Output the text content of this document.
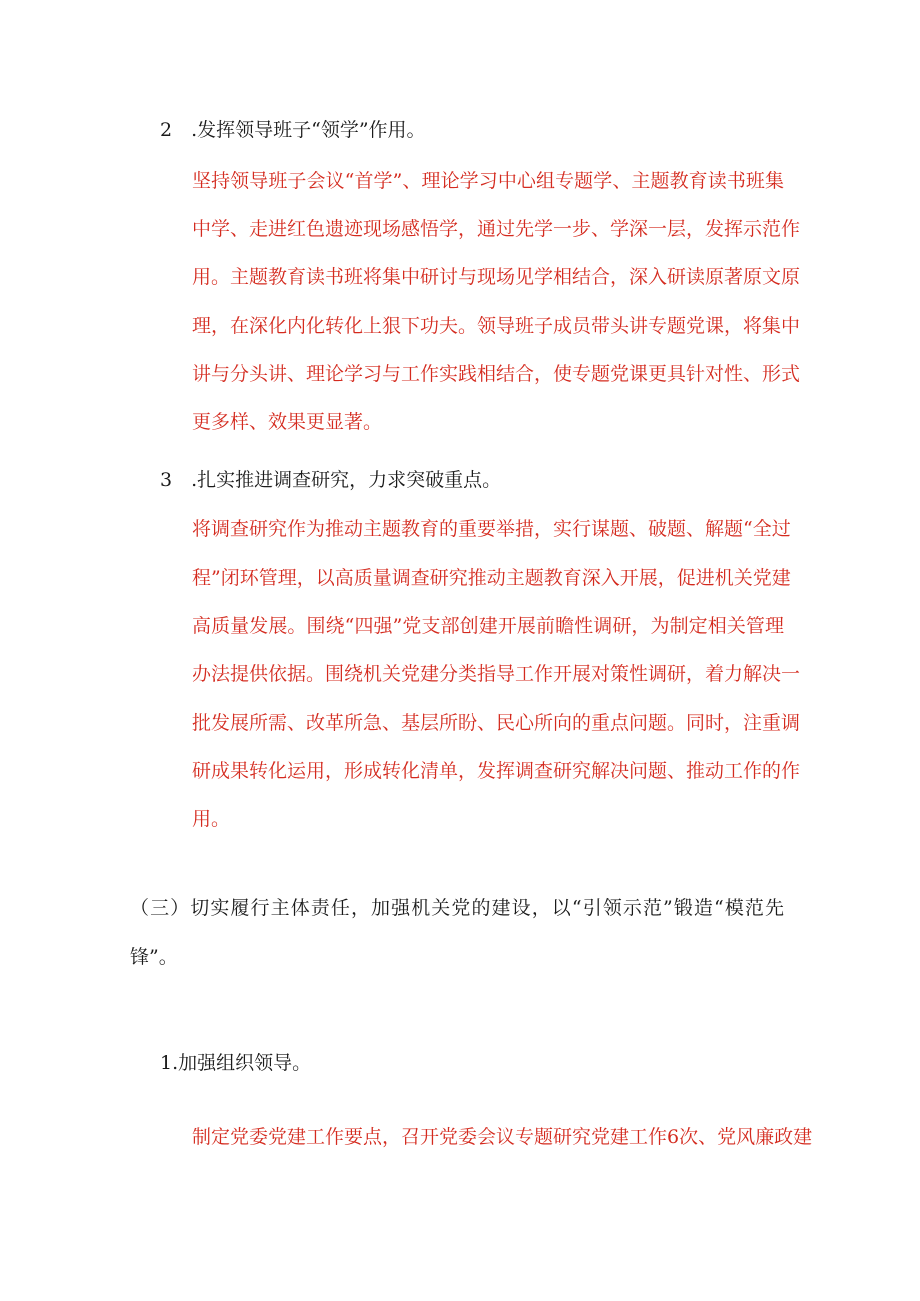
2　.发挥领导班子“领学”作用。
坚持领导班子会议“首学”、理论学习中心组专题学、主题教育读书班集
中学、走进红色遗迹现场感悟学，通过先学一步、学深一层，发挥示范作
用。主题教育读书班将集中研讨与现场见学相结合，深入研读原著原文原
理，在深化内化转化上狠下功夫。领导班子成员带头讲专题党课，将集中
讲与分头讲、理论学习与工作实践相结合，使专题党课更具针对性、形式
更多样、效果更显著。
3　.扎实推进调查研究，力求突破重点。
将调查研究作为推动主题教育的重要举措，实行谋题、破题、解题“全过
程”闭环管理，以高质量调查研究推动主题教育深入开展，促进机关党建
高质量发展。围绕“四强”党支部创建开展前瞻性调研，为制定相关管理
办法提供依据。围绕机关党建分类指导工作开展对策性调研，着力解决一
批发展所需、改革所急、基层所盼、民心所向的重点问题。同时，注重调
研成果转化运用，形成转化清单，发挥调查研究解决问题、推动工作的作
用。
（三）切实履行主体责任，加强机关党的建设，以“引领示范”锻造“模范先
锋”。
1.加强组织领导。
制定党委党建工作要点，召开党委会议专题研究党建工作6次、党风廉政建
